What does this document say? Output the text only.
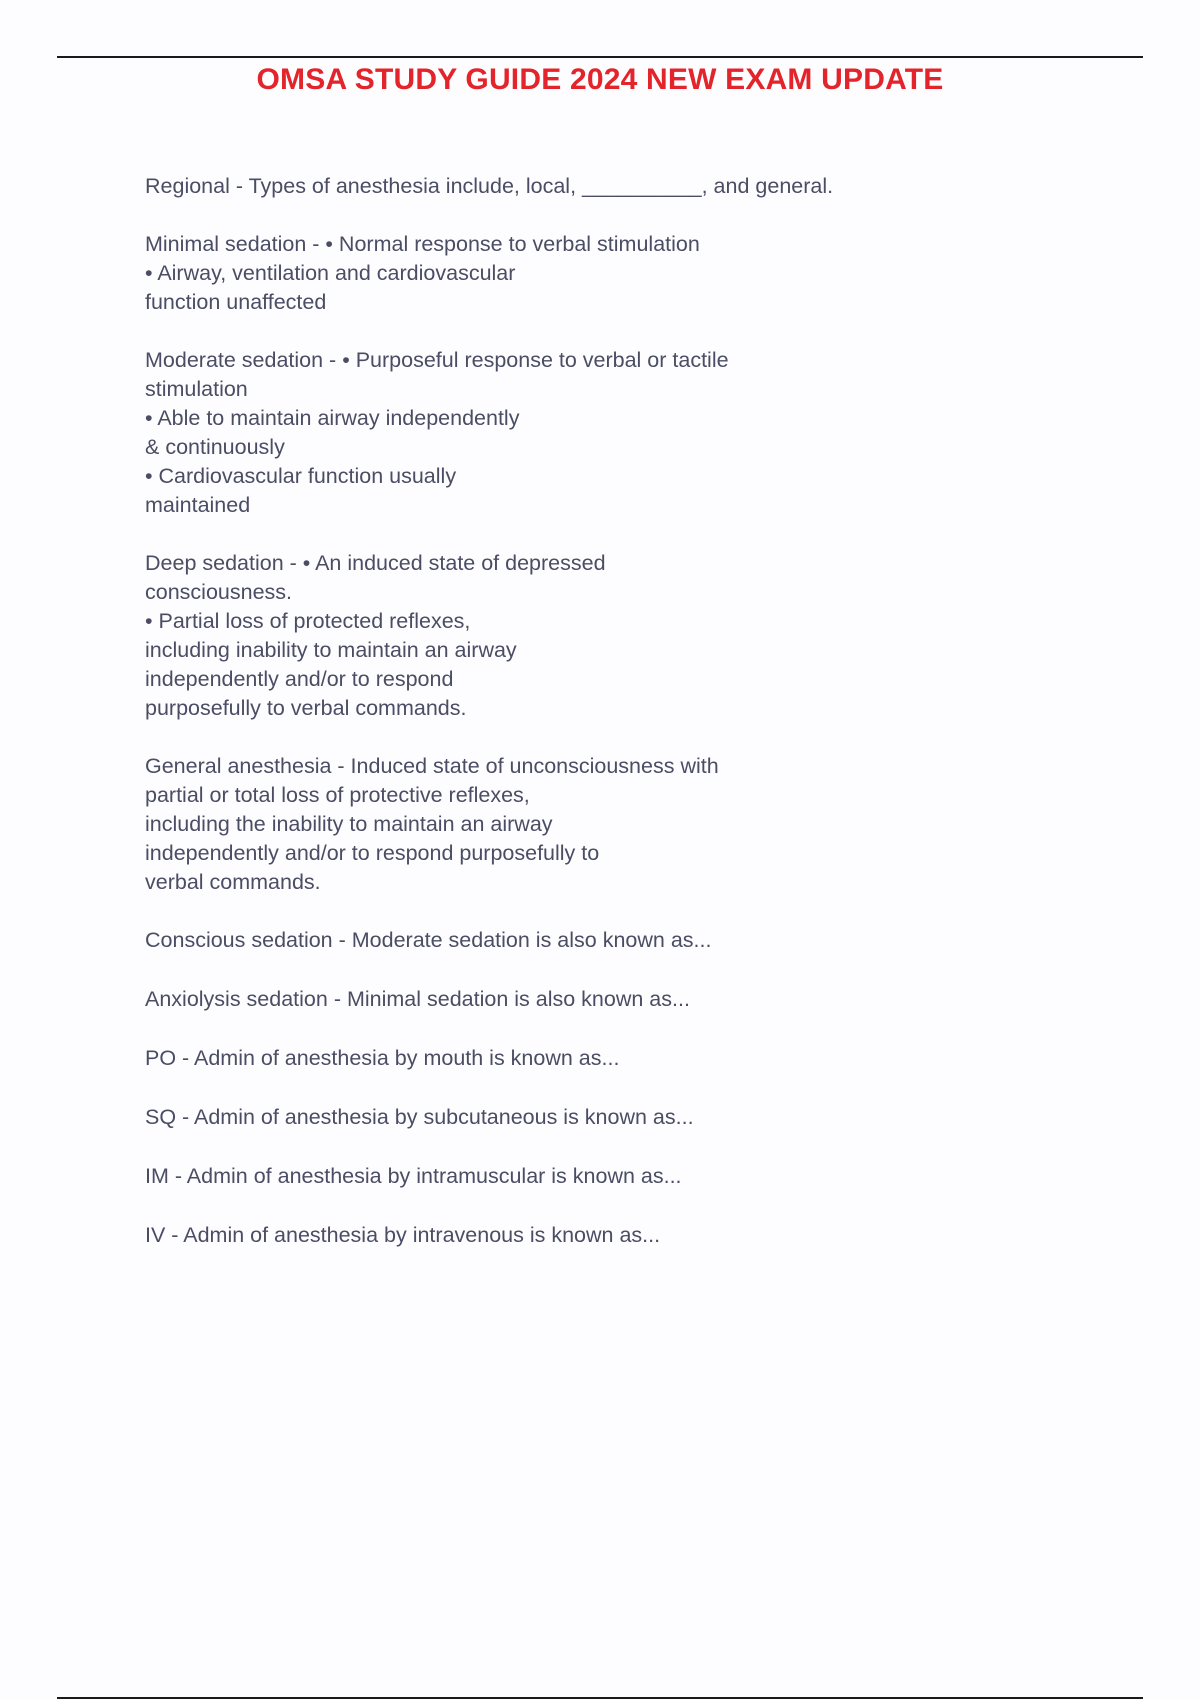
OMSA STUDY GUIDE 2024 NEW EXAM UPDATE

Regional - Types of anesthesia include, local, __________, and general.

Minimal sedation - • Normal response to verbal stimulation
• Airway, ventilation and cardiovascular
function unaffected

Moderate sedation - • Purposeful response to verbal or tactile
stimulation
• Able to maintain airway independently
& continuously
• Cardiovascular function usually
maintained

Deep sedation - • An induced state of depressed
consciousness.
• Partial loss of protected reflexes,
including inability to maintain an airway
independently and/or to respond
purposefully to verbal commands.

General anesthesia - Induced state of unconsciousness with
partial or total loss of protective reflexes,
including the inability to maintain an airway
independently and/or to respond purposefully to
verbal commands.

Conscious sedation - Moderate sedation is also known as...

Anxiolysis sedation - Minimal sedation is also known as...

PO - Admin of anesthesia by mouth is known as...

SQ - Admin of anesthesia by subcutaneous is known as...

IM - Admin of anesthesia by intramuscular is known as...

IV - Admin of anesthesia by intravenous is known as...
